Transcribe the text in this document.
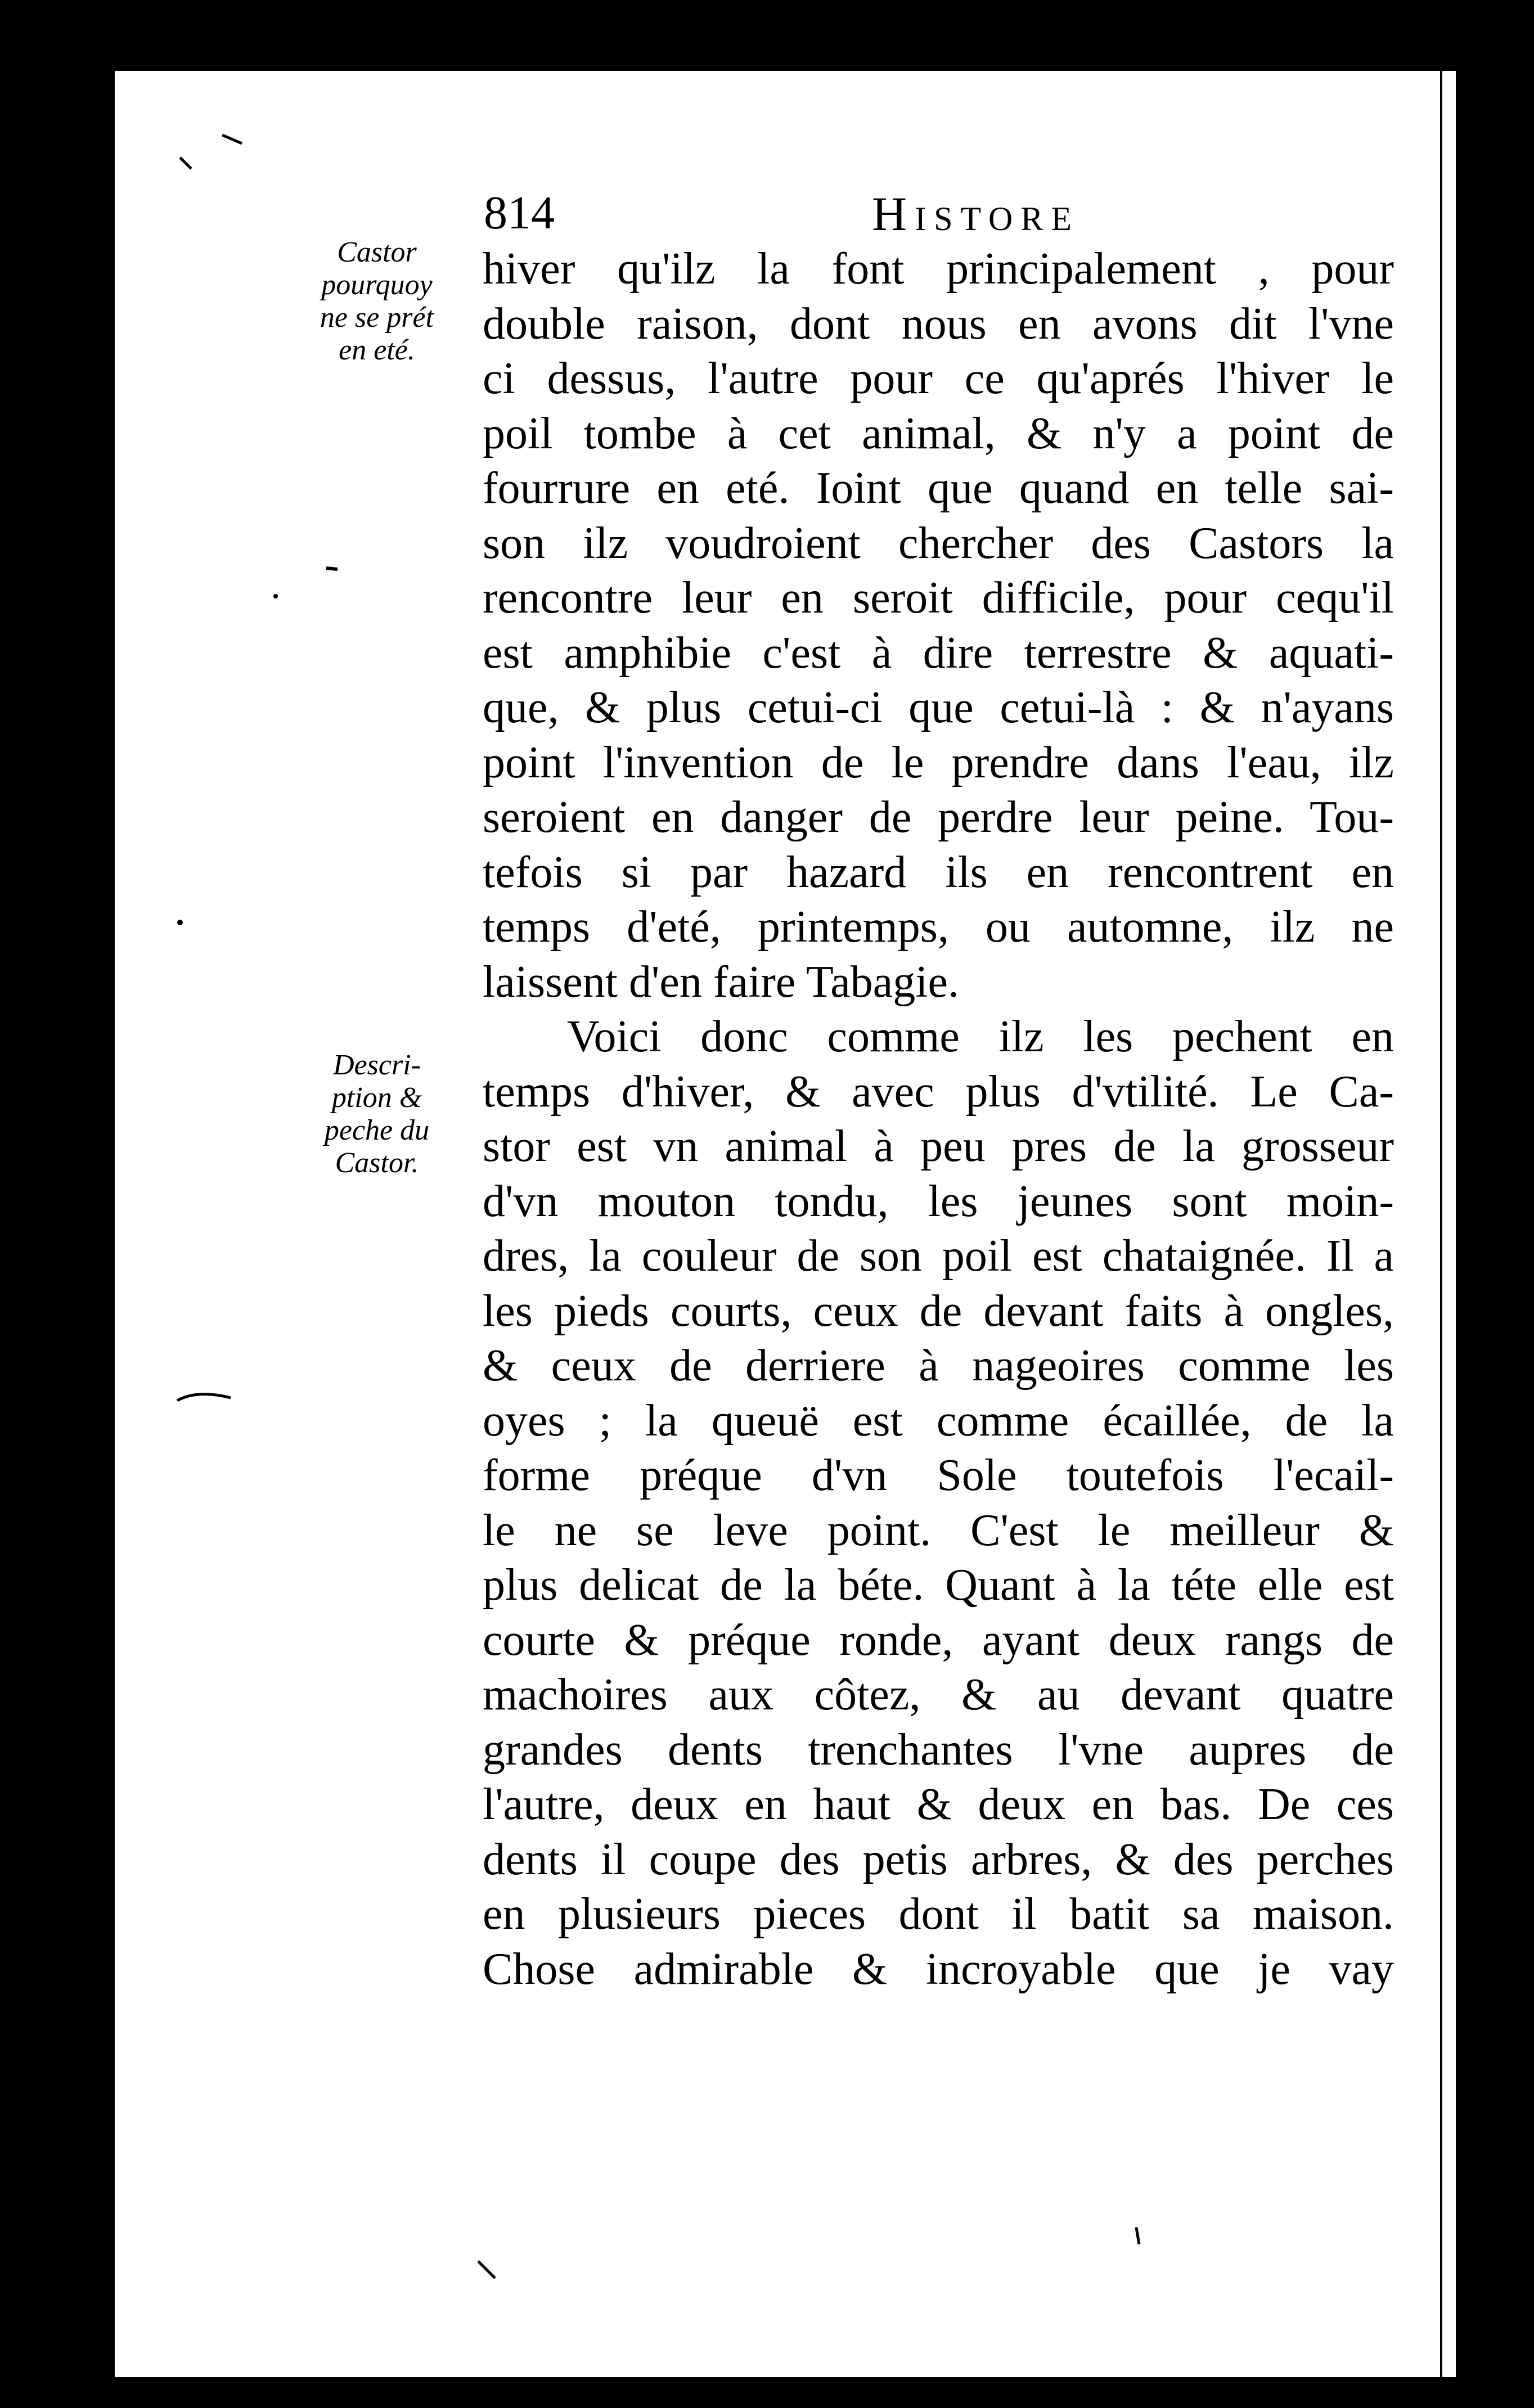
814	Histore
Castor
pourquoy
ne se prét
en eté.
Descri-
ption &
peche du
Castor.
hiver qu'ilz la font principalement , pour
double raison, dont nous en avons dit l'vne
ci dessus, l'autre pour ce qu'aprés l'hiver le
poil tombe à cet animal, & n'y a point de
fourrure en eté. Ioint que quand en telle sai-
son ilz voudroient chercher des Castors la
rencontre leur en seroit difficile, pour cequ'il
est amphibie c'est à dire terrestre & aquati-
que, & plus cetui-ci que cetui-là : & n'ayans
point l'invention de le prendre dans l'eau, ilz
seroient en danger de perdre leur peine. Tou-
tefois si par hazard ils en rencontrent en
temps d'eté, printemps, ou automne, ilz ne
laissent d'en faire Tabagie.
Voici donc comme ilz les pechent en
temps d'hiver, & avec plus d'vtilité. Le Ca-
stor est vn animal à peu pres de la grosseur
d'vn mouton tondu, les jeunes sont moin-
dres, la couleur de son poil est chataignée. Il a
les pieds courts, ceux de devant faits à ongles,
& ceux de derriere à nageoires comme les
oyes ; la queuë est comme écaillée, de la
forme préque d'vn Sole toutefois l'ecail-
le ne se leve point. C'est le meilleur &
plus delicat de la béte. Quant à la téte elle est
courte & préque ronde, ayant deux rangs de
machoires aux côtez, & au devant quatre
grandes dents trenchantes l'vne aupres de
l'autre, deux en haut & deux en bas. De ces
dents il coupe des petis arbres, & des perches
en plusieurs pieces dont il batit sa maison.
Chose admirable & incroyable que je vay
